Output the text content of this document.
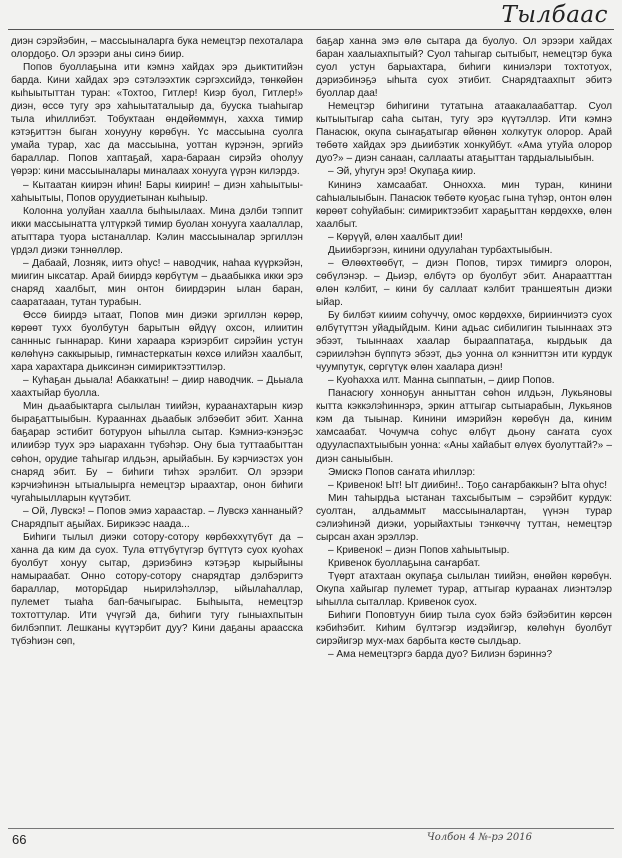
Тылбаас

диэн сэрэйэбин, – массыыналарга бука немецтэр пехоталара олордоҕо. Ол эрээри аны синэ биир.

Попов буоллаҕына ити кэмнэ хайдах эрэ дьиктитийэн барда. Кини хайдах эрэ сэтэлээхтик сэргэхсийдэ, төнкөйөн кыһыытыттан туран: «Тохтоо, Гитлер! Киэр буол, Гитлер!» диэн, өссө тугу эрэ хаһыытаталыыр да, бууска тыаһыгар тыла иһиллибэт. Тобуктаан өндөйөммүн, хахха тимир кэтэҕиттэн быган хонууну көрөбүн. Үс массыына суолга умайа турар, хас да массыына, уоттан күрэнэн, эргийэ бараллар. Попов хаптаҕай, хара-бараан сирэйэ оһолуу үөрэр: кини массыыналары миналаах хонууга үүрэн килэрдэ.

– Кытаатан киирэн иһин! Бары киирин! – диэн хаһыытыы-хаһыытыы, Попов оруудиетынан кыһыыр.

Колонна уолуйан хаалла быһыылаах. Мина дэлби тэппит икки массыынатта үлтүркэй тимир буолан хонууга хаалаллар, атыттара туора ыстаналлар. Кэлин массыыналар эргиллэн үрдэл диэки тэннөллөр.

– Дабаай, Лозняк, иитэ оһус! – наводчик, наһаа күүркэйэн, миигин ыксатар. Арай биирдэ көрбүтүм – дьаабыкка икки эрэ снаряд хаалбыт, мин онтон биирдэрин ылан баран, сааратааан, тутан турабын.

Өссө биирдэ ытаат, Попов мин диэки эргиллэн көрөр, көрөөт тухх буолбутун барытын өйдүү охсон, илиитин саннныс гыннарар. Кини хараара кэриэрбит сирэйин устун көлөһүнэ саккырыыр, гимнастеркатын көхсө илийэн хаалбыт, хара харахтара дьиксинэн симириктээттилэр.

– Куһаҕан дьыала! Абаккатын! – диир наводчик. – Дьыала хаахтыйар буолла.

Мин дьаабыктарга сылылан тиийэн, кураанахтарын киэр быраҕаттыыбын. Курааннах дьаабык элбэөбит эбит. Ханна баҕарар эстибит ботуруон ыһылла сытар. Кэмниэ-кэнэҕэс илиибэр тууx эрэ ыараханн түбэһэр. Ону быа туттаабыттан сөһон, орудие таһыгар илдьэн, арыйабын. Бу кэрчиэстэх уон снаряд эбит. Бу – биһиги тиһэх эрэлбит. Ол эрээри кэрчиэһинэн ытыалыырга немецтэр ыраахтар, онон биһиги чугаһыылларын күүтэбит.

– Ой, Лувскэ! – Попов эмиэ хараастар. – Лувскэ ханнаный? Снарядпыт аҕыйах. Бирикээс наада...

Биһиги тылыл диэки сотору-сотору көрбөххүтүбүт да – ханна да ким да суох. Тула өттүбүтүгэр бүттүтэ суох куоһах буолбут хонуу сытар, дэриэбинэ кэтэҕэр кырыйыны намыраабат. Онно сотору-сотору снарядтар дэлбэригтэ бараллар, моторы̄дар ньирилэһэллэр, ыйылаһаллар, пулемет тыаһа бап-бачыгырас. Быһыыта, немецтэр тохтоттулар. Ити үчүгэй да, биһиги тугу гыныахпытын билбэппит. Лешканы күүтэрбит дуу? Кини даҕаны араасска түбэһиэн сөп,

баҕар ханна эмэ өлө сытара да буолуо. Ол эрээри хайдах баран хаалыахпытый? Суол таһыгар сытыбыт, немецтэр бука суол устун барыахтара, биһиги киниэлэри тохтотуох, дэриэбинэҕэ ыһыта суох этибит. Снарядтаахпыт эбитэ буоллар даа!

Немецтэр биһигини тутатына атаакалаабаттар. Суол кытыытыгар саһа сытан, тугу эрэ күүтэллэр. Ити кэмнэ Панасюк, окупа сыҥаҕатыгар өйөнөн холкутук олорор. Арай төбөтө хайдах эрэ дьиибэтик хонкуйбут. «Ама утуйа олорор дуо?» – диэн санаан, саллааты атаҕыттан тардыалыыбын.

– Эй, уһугун эрэ! Окупаҕа киир.

Кининэ хамсаабат. Оннохха. мин туран, кинини саһыалыыбын. Панасюк төбөтө куоҕас гына түһэр, онтон өлөн көрөөт соһуйабын: симириктээбит хараҕыттан көрдөххө, өлөн хаалбыт.

– Көрүүй, өлөн хаалбыт дии!

Дьиибэргээн, кинини одуулаһан турбахтыыбын.

– Өлөөхтөөбүт, – диэн Попов, тирэх тимиргэ олорон, сөбүлэнэр. – Дьиэр, өлбүтэ ор буолбут эбит. Анараатттан өлөн кэлбит, – кини бу саллаат кэлбит траншеятын диэки ыйар.

Бу билбэт кииим соһуччу, омос көрдөххө, бириинчиэтэ суох өлбүтүттэн уйадыйдым. Кини адьас сибилигин тыыннаах этэ эбээт, тыыннаах хаалар бырааппатаҕа, кырдьык да сэриилэһэн бүппүтэ эбээт, дьэ уонна ол кэнниттэн ити курдук чуумпутук, сөргүтүк өлөн хаалара диэн!

– Куоһахха илт. Манна сыппатын, – диир Попов.

Панасюгу хонноҕун анныттан сөһон илдьэн, Лукьяновы кытта кэккэлэһиннэрэ, эркин аттыгар сытыарабын, Лукьянов кэм да тыынар. Кинини имэрийэн көрөбүн да, киним хамсаабат. Чочумча соһус өлбүт дьону саҥата суох одууласпахтыыбын уонна: «Аны хайабыт өлүөх буолуттай?» – диэн саныыбын.

Эмискэ Попов саҥата иһиллэр:

– Кривенок! Ыт! Ыт диибин!.. Тоҕо саҥарбаккын? Ыта оһус!

Мин таһырдьа ыстанан тахсыбытым – сэрэйбит курдук: суолтан, алдьаммыт массыыналартан, үүнэн турар сэлиэһинэй диэки, уорыйахтыы тэнкөччү туттан, немецтэр сырсан ахан эрэллэр.

– Кривенок! – диэн Попов хаһыытыыр.

Кривенок буоллаҕына саҥарбат.

Түөрт атахтаан окупаҕа сылылан тиийэн, өнөйөн көрөбүн. Окупа хайыгар пулемет турар, аттыгар кураанах лиэнтэлэр ыһылла сыталлар. Кривенок суох.

Биһиги Поповтуун биир тыла суох бэйэ бэйэбитин көрсөн кэбиһэбит. Киһим бүлтэгэр иэдэйигэр, көлөһүн буолбут сирэйигэр мух-мах барбыта көстө сылдьар.

– Ама немецтэргэ барда дуо? Билиэн бэриннэ?

66	Чолбон 4 №-рэ 2016
